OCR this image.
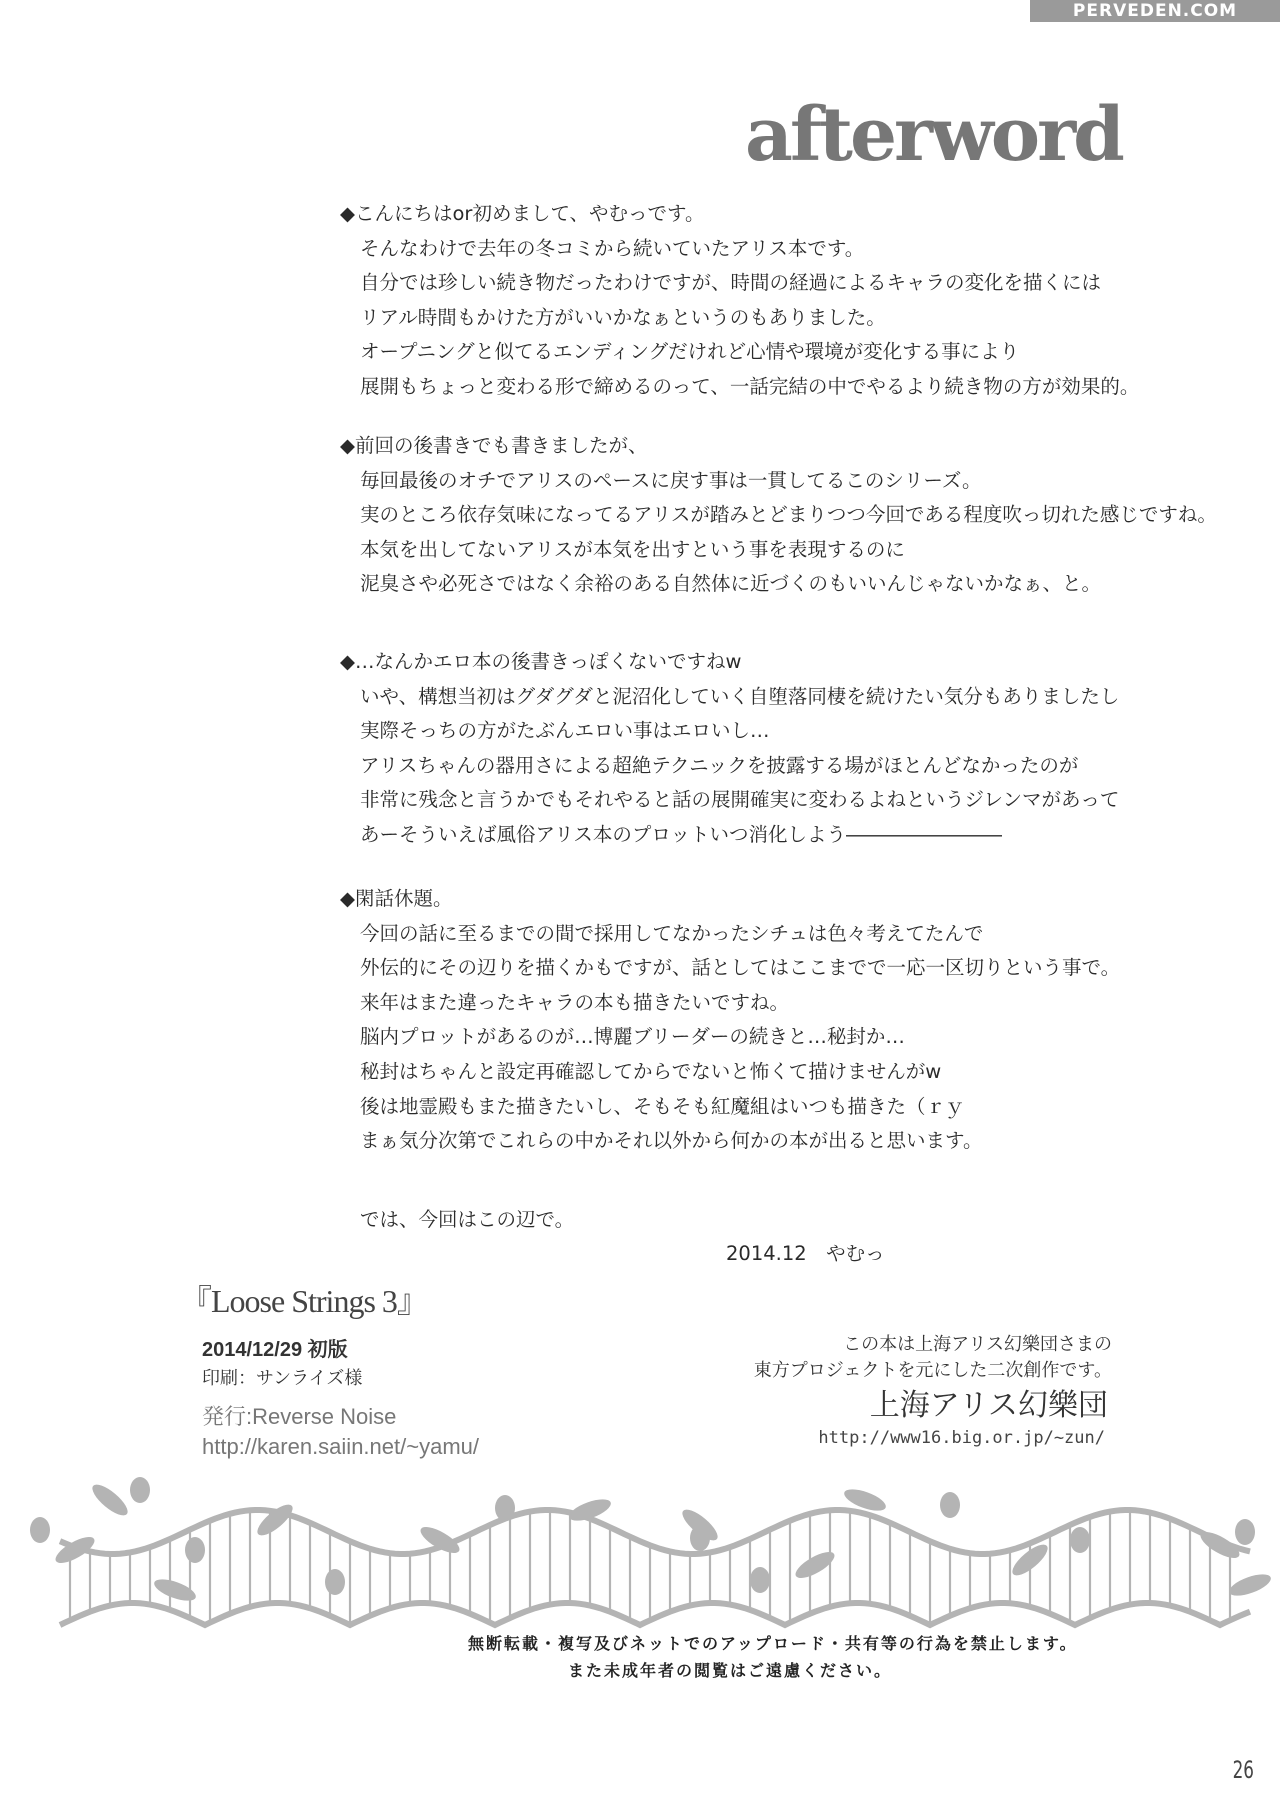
PERVEDEN.COM
afterword
◆こんにちはor初めまして、やむっです。
そんなわけで去年の冬コミから続いていたアリス本です。
自分では珍しい続き物だったわけですが、時間の経過によるキャラの変化を描くには
リアル時間もかけた方がいいかなぁというのもありました。
オープニングと似てるエンディングだけれど心情や環境が変化する事により
展開もちょっと変わる形で締めるのって、一話完結の中でやるより続き物の方が効果的。
◆前回の後書きでも書きましたが、
毎回最後のオチでアリスのペースに戻す事は一貫してるこのシリーズ。
実のところ依存気味になってるアリスが踏みとどまりつつ今回である程度吹っ切れた感じですね。
本気を出してないアリスが本気を出すという事を表現するのに
泥臭さや必死さではなく余裕のある自然体に近づくのもいいんじゃないかなぁ、と。
◆…なんかエロ本の後書きっぽくないですねw
いや、構想当初はグダグダと泥沼化していく自堕落同棲を続けたい気分もありましたし
実際そっちの方がたぶんエロい事はエロいし…
アリスちゃんの器用さによる超絶テクニックを披露する場がほとんどなかったのが
非常に残念と言うかでもそれやると話の展開確実に変わるよねというジレンマがあって
あーそういえば風俗アリス本のプロットいつ消化しよう――――――――
◆閑話休題。
今回の話に至るまでの間で採用してなかったシチュは色々考えてたんで
外伝的にその辺りを描くかもですが、話としてはここまでで一応一区切りという事で。
来年はまた違ったキャラの本も描きたいですね。
脳内プロットがあるのが…博麗ブリーダーの続きと…秘封か…
秘封はちゃんと設定再確認してからでないと怖くて描けませんがw
後は地霊殿もまた描きたいし、そもそも紅魔組はいつも描きた（ｒｙ
まぁ気分次第でこれらの中かそれ以外から何かの本が出ると思います。
では、今回はこの辺で。
2014.12　やむっ
『Loose Strings 3』
2014/12/29 初版
印刷：サンライズ様
発行:Reverse Noise
http://karen.saiin.net/~yamu/
この本は上海アリス幻樂団さまの
東方プロジェクトを元にした二次創作です。
上海アリス幻樂団
http://www16.big.or.jp/~zun/
無断転載・複写及びネットでのアップロード・共有等の行為を禁止します。
また未成年者の閲覧はご遠慮ください。
26
